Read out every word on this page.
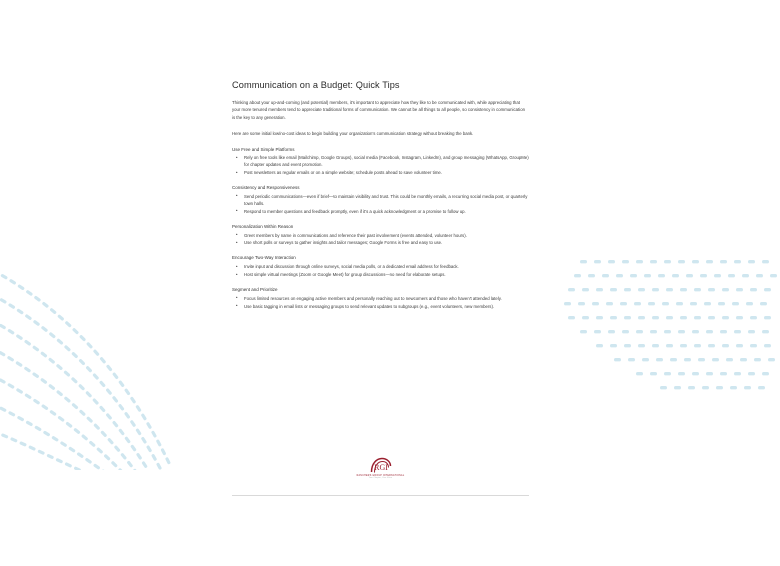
Communication on a Budget: Quick Tips

Thinking about your up-and-coming (and potential) members, it's important to appreciate how they like to be communicated with, while appreciating that your more tenured members tend to appreciate traditional forms of communication. We cannot be all things to all people, so consistency in communication is the key to any generation.

Here are some initial low/no-cost ideas to begin building your organization's communication strategy without breaking the bank.

Use Free and Simple Platforms
• Rely on free tools like email (Mailchimp, Google Groups), social media (Facebook, Instagram, LinkedIn), and group messaging (WhatsApp, GroupMe) for chapter updates and event promotion.
• Post newsletters as regular emails or on a simple website; schedule posts ahead to save volunteer time.
Consistency and Responsiveness
• Send periodic communications—even if brief—to maintain visibility and trust. This could be monthly emails, a recurring social media post, or quarterly town halls.
• Respond to member questions and feedback promptly, even if it's a quick acknowledgment or a promise to follow up.
Personalization Within Reason
• Greet members by name in communications and reference their past involvement (events attended, volunteer hours).
• Use short polls or surveys to gather insights and tailor messages; Google Forms is free and easy to use.
Encourage Two-Way Interaction
• Invite input and discussion through online surveys, social media polls, or a dedicated email address for feedback.
• Host simple virtual meetings (Zoom or Google Meet) for group discussions—no need for elaborate setups.
Segment and Prioritize
• Focus limited resources on engaging active members and personally reaching out to newcomers and those who haven't attended lately.
• Use basic tagging in email lists or messaging groups to send relevant updates to subgroups (e.g., event volunteers, new members).
RGI
RANCHERS GROUP INTERNATIONAL
Your Chapter, Your Voice
